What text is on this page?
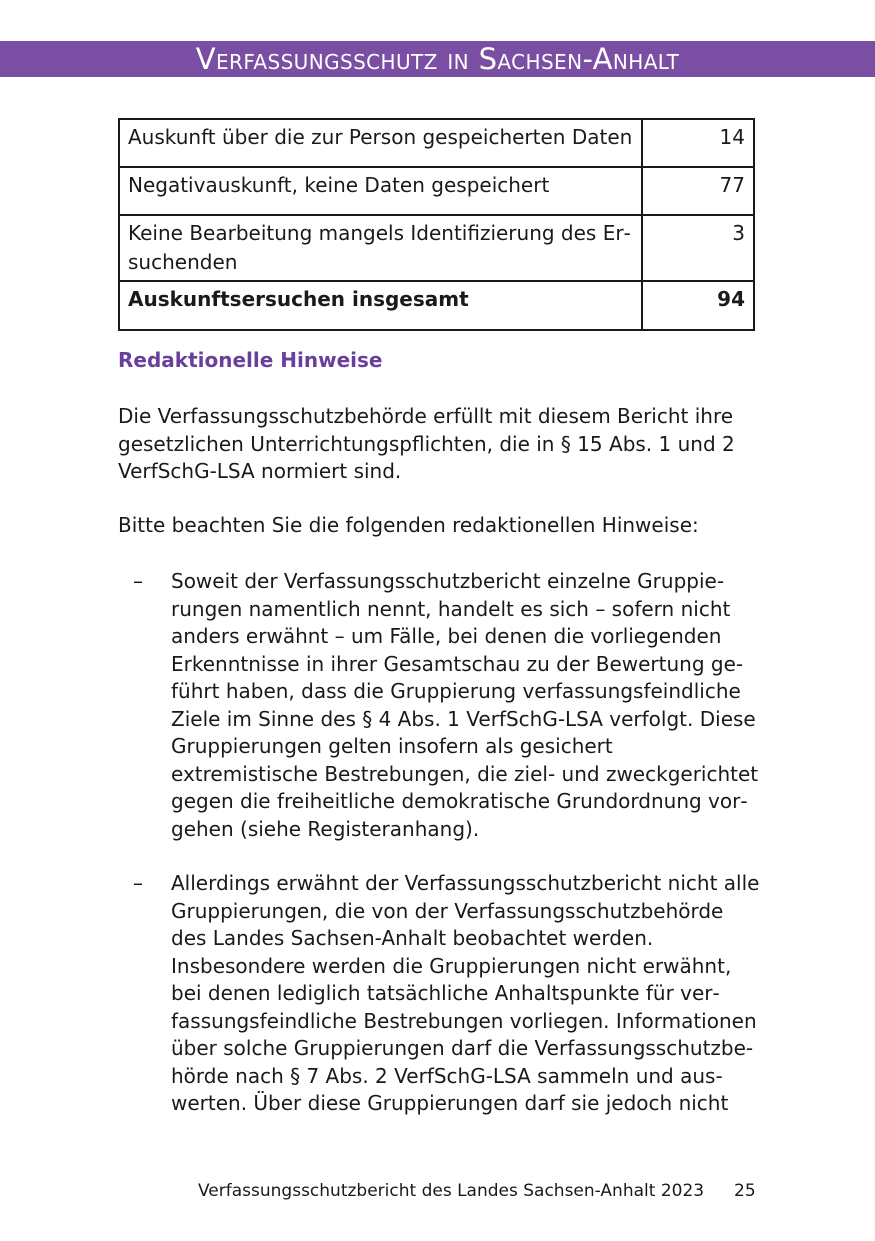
Verfassungsschutz in Sachsen-Anhalt
Auskunft über die zur Person gespeicherten Daten	14
Negativauskunft, keine Daten gespeichert	77
Keine Bearbeitung mangels Identifizierung des Ersuchenden	3
Auskunftsersuchen insgesamt	94
Redaktionelle Hinweise

Die Verfassungsschutzbehörde erfüllt mit diesem Bericht ihre gesetzlichen Unterrichtungspflichten, die in § 15 Abs. 1 und 2 VerfSchG-LSA normiert sind.

Bitte beachten Sie die folgenden redaktionellen Hinweise:

– Soweit der Verfassungsschutzbericht einzelne Gruppierungen namentlich nennt, handelt es sich – sofern nicht anders erwähnt – um Fälle, bei denen die vorliegenden Erkenntnisse in ihrer Gesamtschau zu der Bewertung geführt haben, dass die Gruppierung verfassungsfeindliche Ziele im Sinne des § 4 Abs. 1 VerfSchG-LSA verfolgt. Diese Gruppierungen gelten insofern als gesichert extremistische Bestrebungen, die ziel- und zweckgerichtet gegen die freiheitliche demokratische Grundordnung vorgehen (siehe Registeranhang).
– Allerdings erwähnt der Verfassungsschutzbericht nicht alle Gruppierungen, die von der Verfassungsschutzbehörde des Landes Sachsen-Anhalt beobachtet werden. Insbesondere werden die Gruppierungen nicht erwähnt, bei denen lediglich tatsächliche Anhaltspunkte für verfassungsfeindliche Bestrebungen vorliegen. Informationen über solche Gruppierungen darf die Verfassungsschutzbehörde nach § 7 Abs. 2 VerfSchG-LSA sammeln und auswerten. Über diese Gruppierungen darf sie jedoch nicht
Verfassungsschutzbericht des Landes Sachsen-Anhalt 2023 25
